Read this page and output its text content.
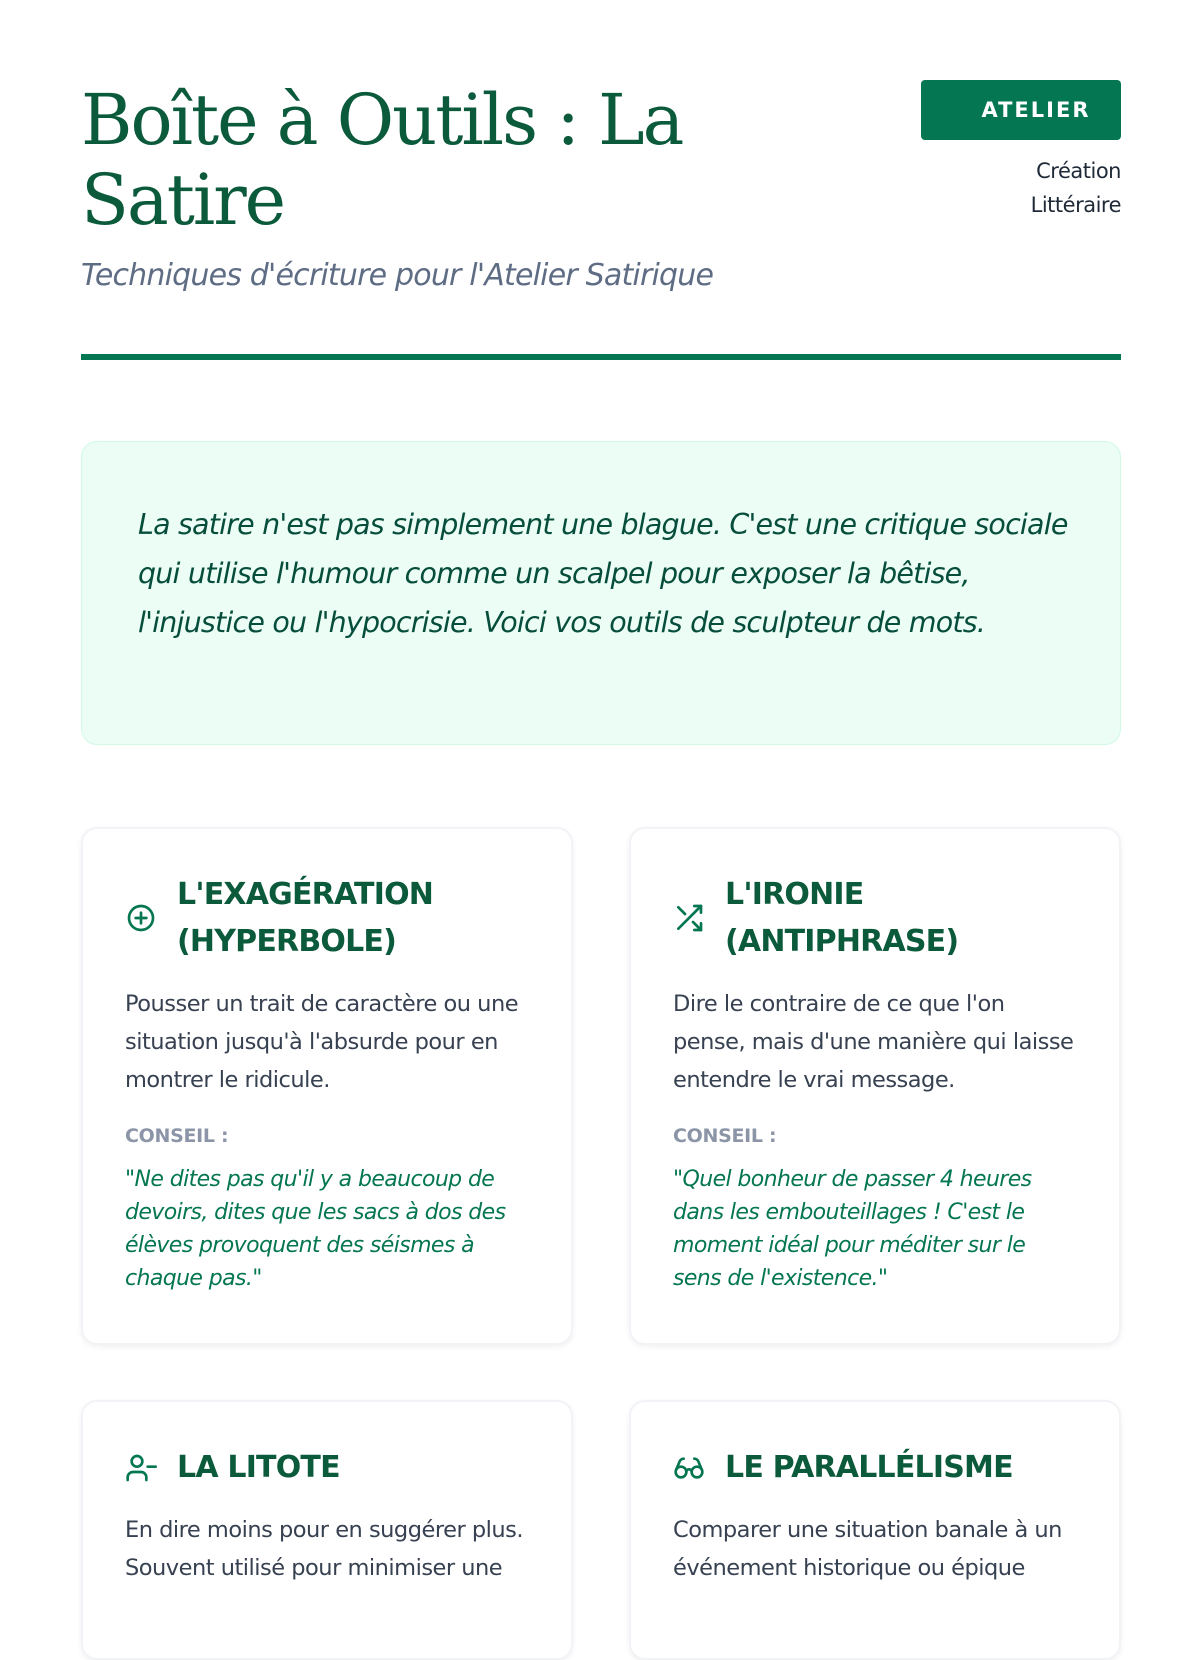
Boîte à Outils : La Satire

Techniques d'écriture pour l'Atelier Satirique

ATELIER
Création Littéraire

La satire n'est pas simplement une blague. C'est une critique sociale qui utilise l'humour comme un scalpel pour exposer la bêtise, l'injustice ou l'hypocrisie. Voici vos outils de sculpteur de mots.

L'EXAGÉRATION (HYPERBOLE)

Pousser un trait de caractère ou une situation jusqu'à l'absurde pour en montrer le ridicule.

CONSEIL :

"Ne dites pas qu'il y a beaucoup de devoirs, dites que les sacs à dos des élèves provoquent des séismes à chaque pas."

L'IRONIE (ANTIPHRASE)

Dire le contraire de ce que l'on pense, mais d'une manière qui laisse entendre le vrai message.

CONSEIL :

"Quel bonheur de passer 4 heures dans les embouteillages ! C'est le moment idéal pour méditer sur le sens de l'existence."

LA LITOTE

En dire moins pour en suggérer plus. Souvent utilisé pour minimiser une

LE PARALLÉLISME

Comparer une situation banale à un événement historique ou épique
